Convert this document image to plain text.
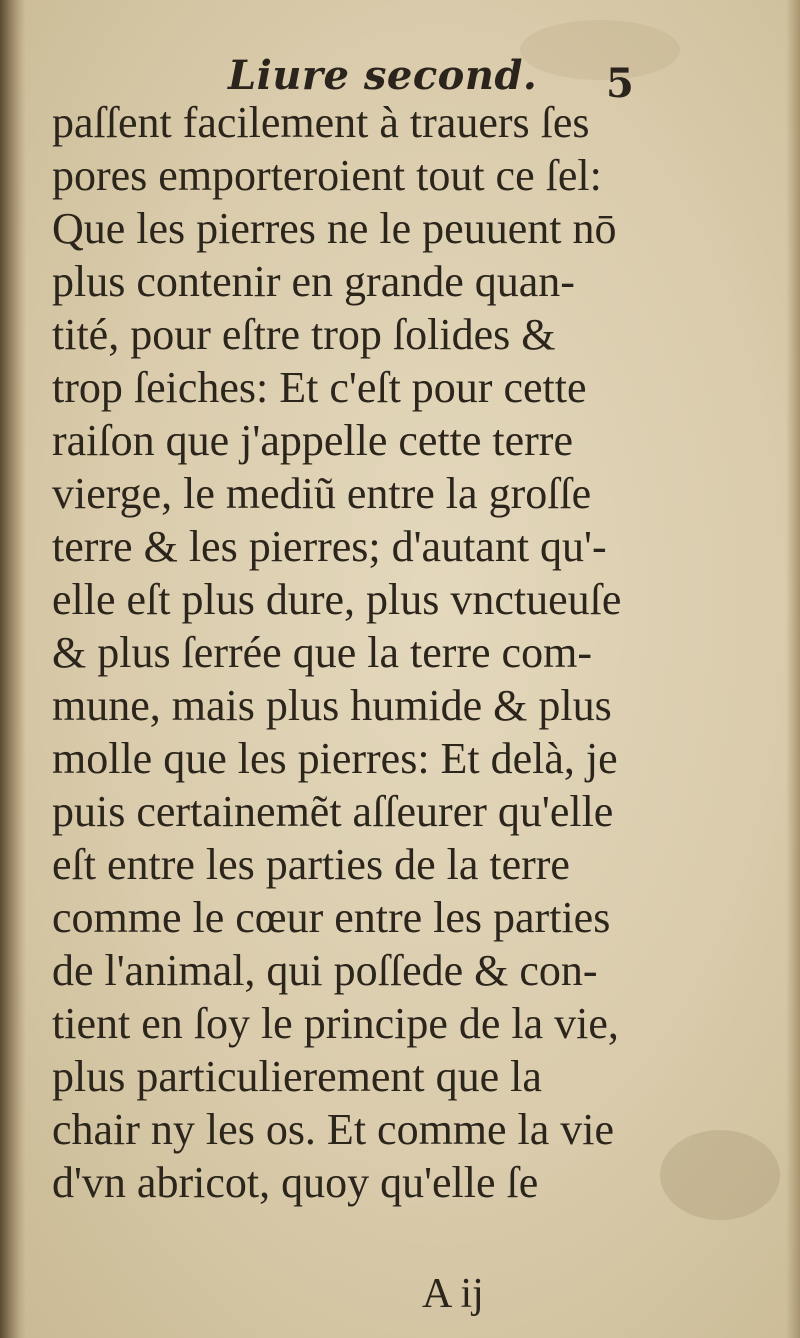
Liure second. 5
paſſent facilement à trauers ſes
pores emporteroient tout ce ſel:
Que les pierres ne le peuuent nō
plus contenir en grande quan-
tité, pour eſtre trop ſolides &
trop ſeiches: Et c'eſt pour cette
raiſon que j'appelle cette terre
vierge, le mediũ entre la groſſe
terre & les pierres; d'autant qu'-
elle eſt plus dure, plus vnctueuſe
& plus ſerrée que la terre com-
mune, mais plus humide & plus
molle que les pierres: Et delà, je
puis certainemẽt aſſeurer qu'elle
eſt entre les parties de la terre
comme le cœur entre les parties
de l'animal, qui poſſede & con-
tient en ſoy le principe de la vie,
plus particulierement que la
chair ny les os. Et comme la vie
d'vn abricot, quoy qu'elle ſe
A ij
